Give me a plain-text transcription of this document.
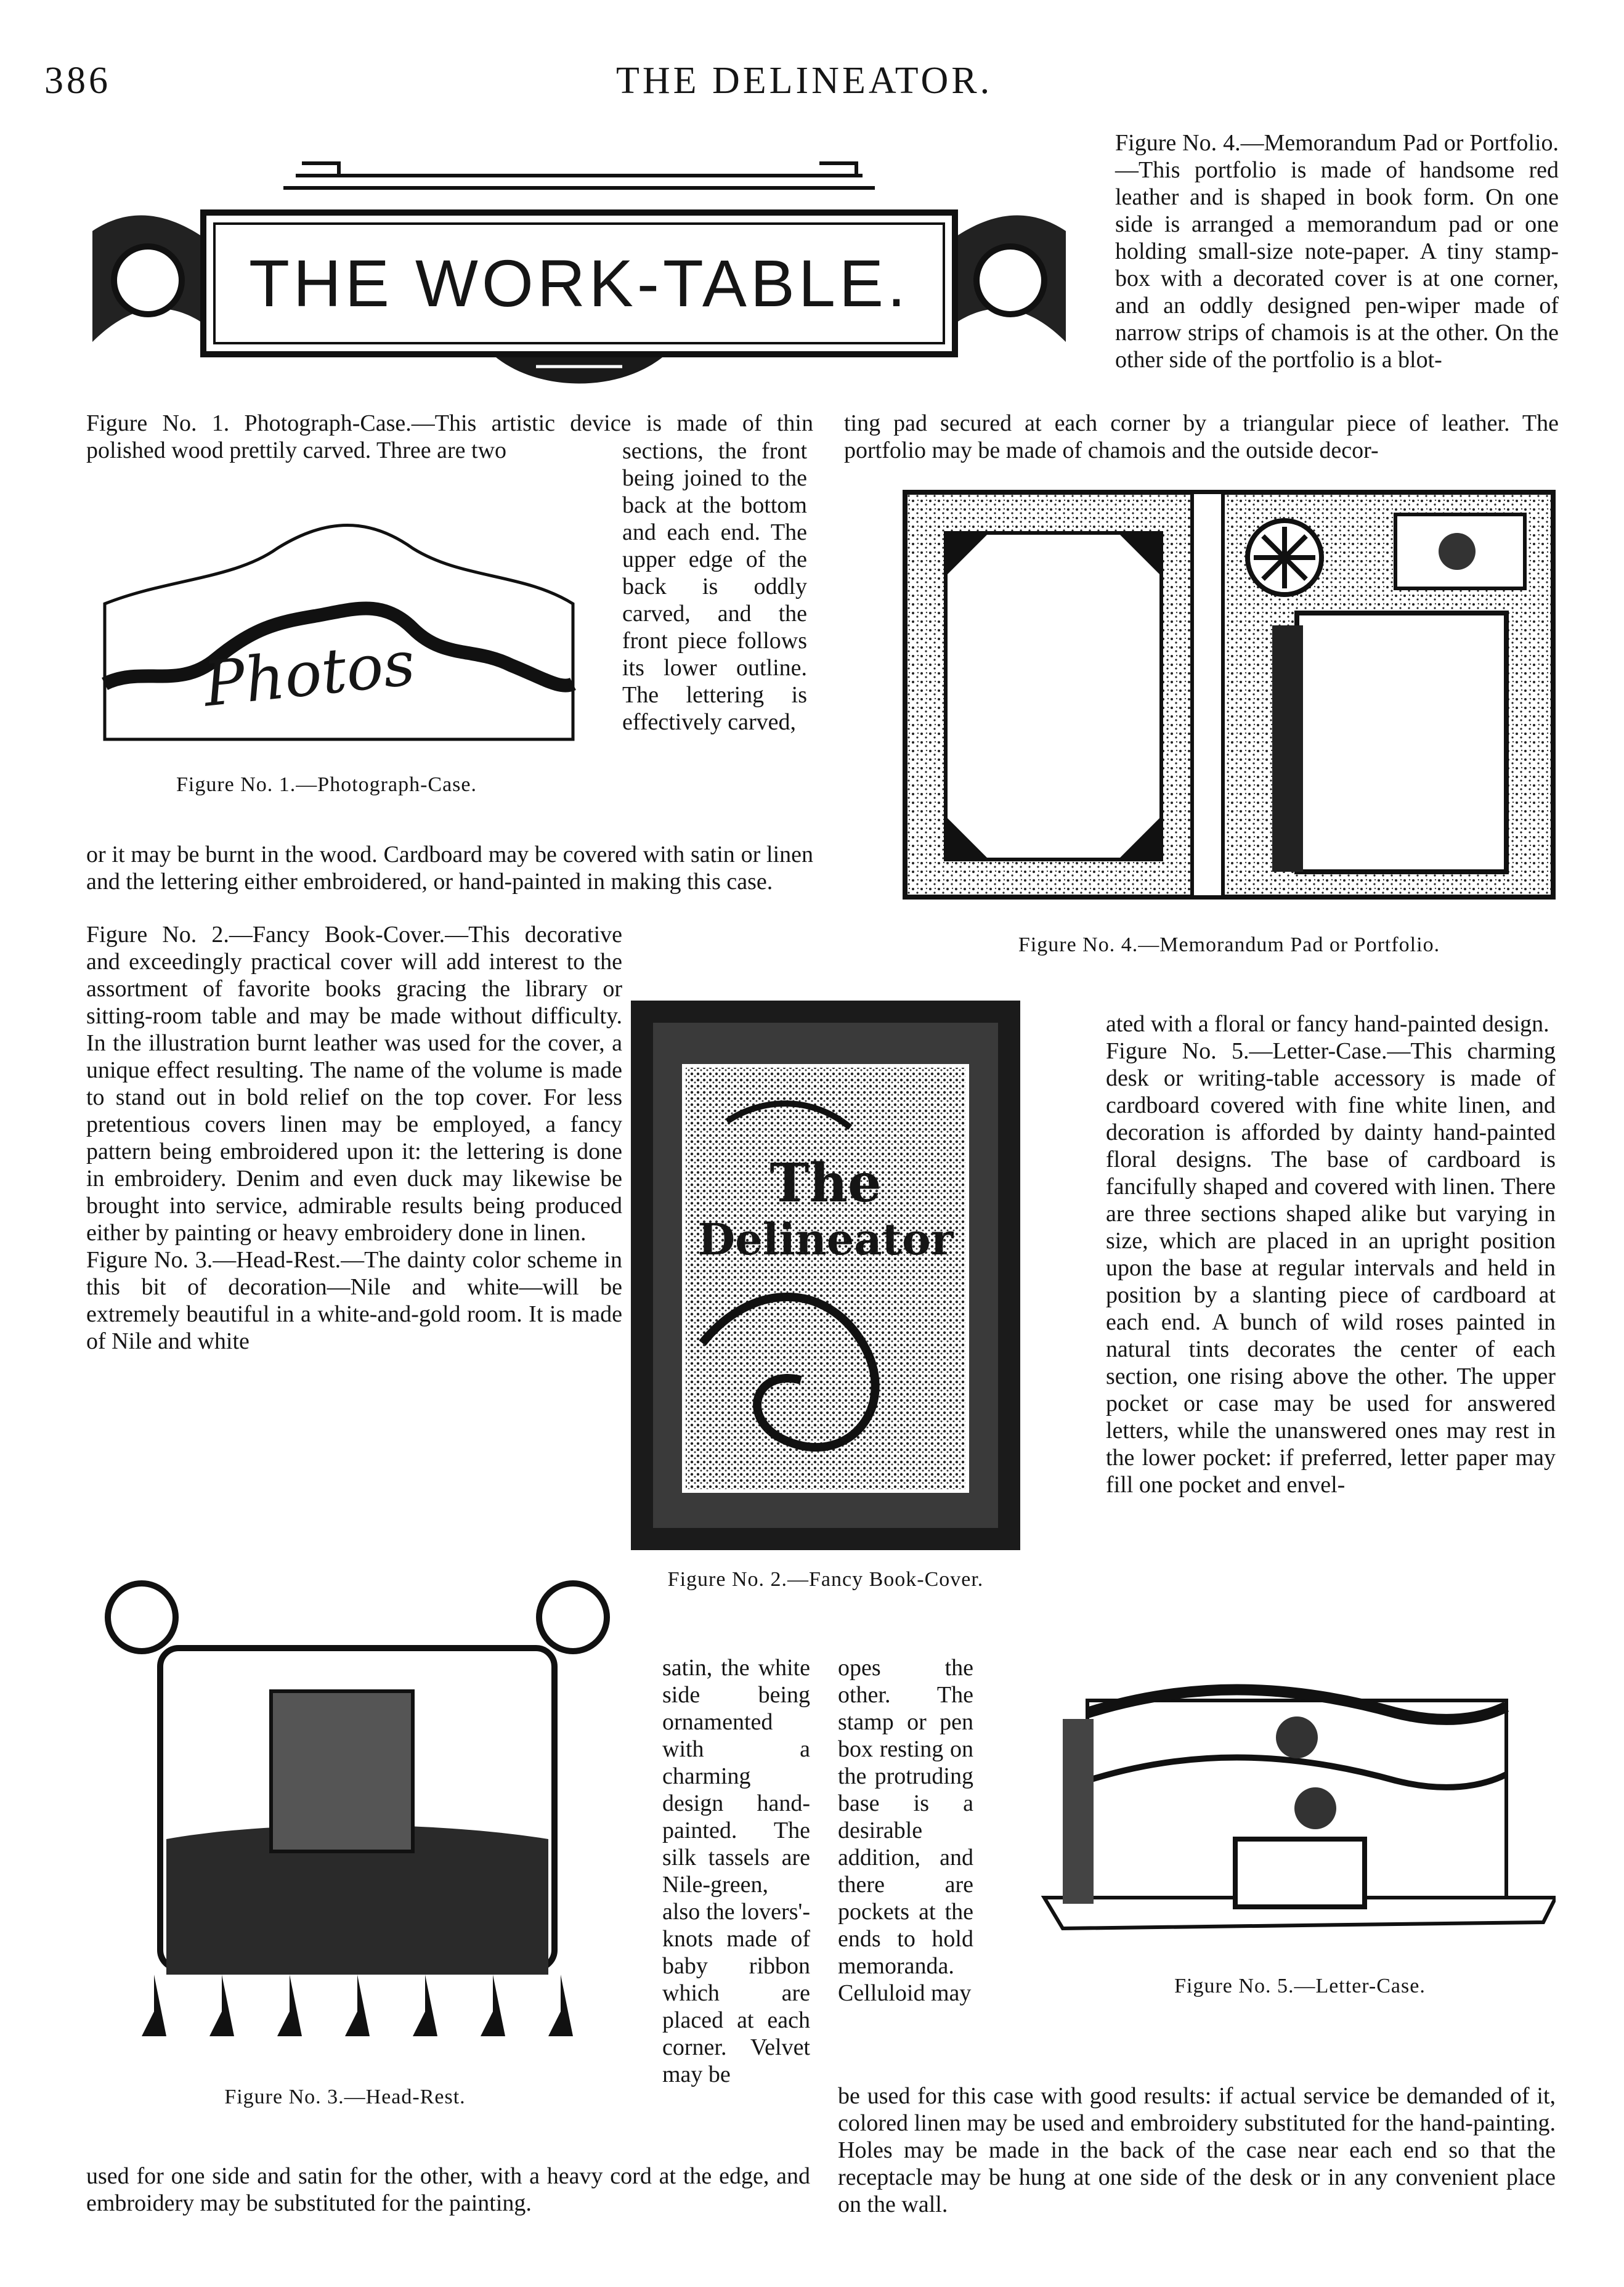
386	THE DELINEATOR.
THE WORK-TABLE.
Figure No. 4.—Memorandum Pad or Portfolio.—This portfolio is made of handsome red leather and is shaped in book form. On one side is arranged a memorandum pad or one holding small-size note-paper. A tiny stamp-box with a decorated cover is at one corner, and an oddly designed pen-wiper made of narrow strips of chamois is at the other. On the other side of the portfolio is a blot-
ting pad secured at each corner by a triangular piece of leather. The portfolio may be made of chamois and the outside decor-
Figure No. 1. Photograph-Case.—This artistic device is made of thin polished wood prettily carved. Three are two
Photos
Figure No. 1.—Photograph-Case.
sections, the front being joined to the back at the bottom and each end. The upper edge of the back is oddly carved, and the front piece follows its lower outline. The lettering is effectively carved,
or it may be burnt in the wood. Cardboard may be covered with satin or linen and the lettering either embroidered, or hand-painted in making this case.
Figure No. 4.—Memorandum Pad or Portfolio.
Figure No. 2.—Fancy Book-Cover.—This decorative and exceedingly practical cover will add interest to the assortment of favorite books gracing the library or sitting-room table and may be made without difficulty. In the illustration burnt leather was used for the cover, a unique effect resulting. The name of the volume is made to stand out in bold relief on the top cover. For less pretentious covers linen may be employed, a fancy pattern being embroidered upon it: the lettering is done in embroidery. Denim and even duck may likewise be brought into service, admirable results being produced either by painting or heavy embroidery done in linen.
Figure No. 3.—Head-Rest.—The dainty color scheme in this bit of decoration—Nile and white—will be extremely beautiful in a white-and-gold room. It is made of Nile and white
The
Delineator
Figure No. 2.—Fancy Book-Cover.
ated with a floral or fancy hand-painted design.
Figure No. 5.—Letter-Case.—This charming desk or writing-table accessory is made of cardboard covered with fine white linen, and decoration is afforded by dainty hand-painted floral designs. The base of cardboard is fancifully shaped and covered with linen. There are three sections shaped alike but varying in size, which are placed in an upright position upon the base at regular intervals and held in position by a slanting piece of cardboard at each end. A bunch of wild roses painted in natural tints decorates the center of each section, one rising above the other. The upper pocket or case may be used for answered letters, while the unanswered ones may rest in the lower pocket: if preferred, letter paper may fill one pocket and envel-
Figure No. 3.—Head-Rest.
satin, the white side being ornamented with a charming design hand-painted. The silk tassels are Nile-green, also the lovers'-knots made of baby ribbon which are placed at each corner. Velvet may be
opes the other. The stamp or pen box resting on the protruding base is a desirable addition, and there are pockets at the ends to hold memoranda. Celluloid may	Figure No. 5.—Letter-Case.
used for one side and satin for the other, with a heavy cord at the edge, and embroidery may be substituted for the painting.
be used for this case with good results: if actual service be demanded of it, colored linen may be used and embroidery substituted for the hand-painting. Holes may be made in the back of the case near each end so that the receptacle may be hung at one side of the desk or in any convenient place on the wall.
